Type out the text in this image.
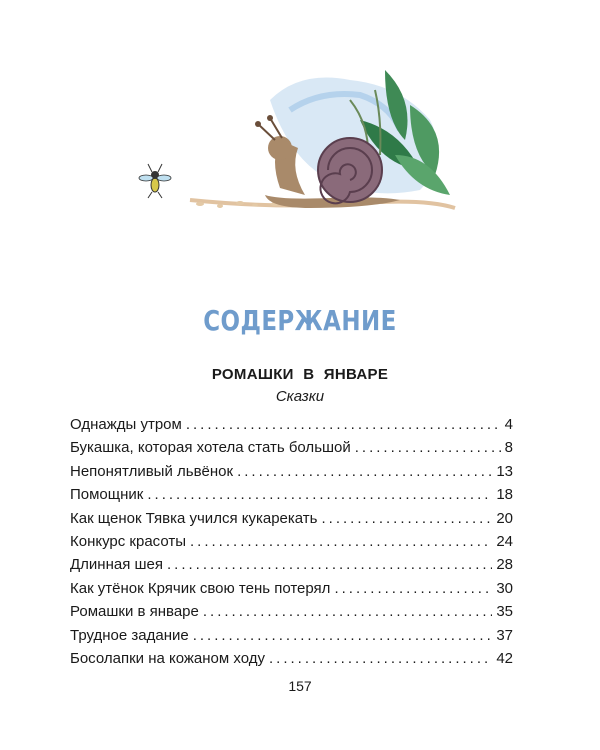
СОДЕРЖАНИЕ
РОМАШКИ В ЯНВАРЕ
Сказки
Однажды утром .....	4
Букашка, которая хотела стать большой .....	8
Непонятливый львёнок .....	13
Помощник .....	18
Как щенок Тявка учился кукарекать .....	20
Конкурс красоты .....	24
Длинная шея .....	28
Как утёнок Крячик свою тень потерял .....	30
Ромашки в январе .....	35
Трудное задание .....	37
Босолапки на кожаном ходу .....	42
157
